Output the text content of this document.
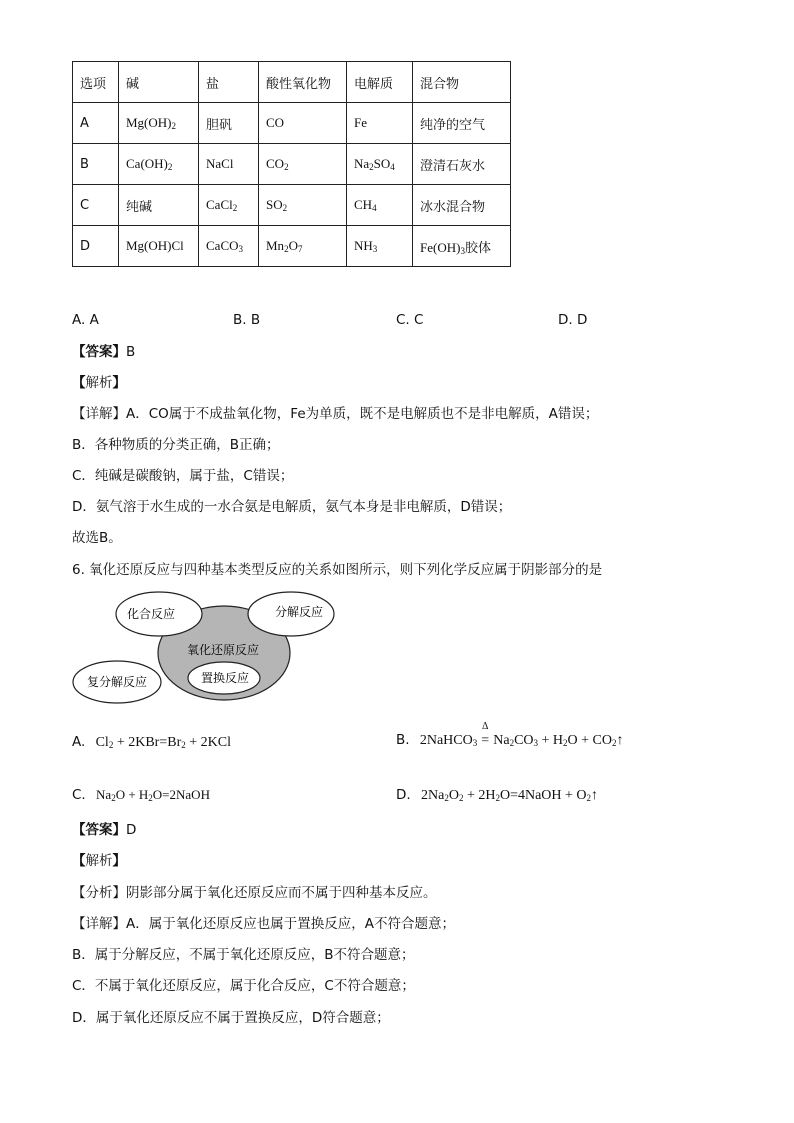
选项	碱	盐	酸性氧化物	电解质	混合物
A	$Mg(OH)_2$	胆矾	CO	Fe	纯净的空气
B	$Ca(OH)_2$	NaCl	$CO_2$	$Na_2SO_4$	澄清石灰水
C	纯碱	CaCl$_2$	$SO_2$	$CH_4$	冰水混合物
D	Mg(OH)Cl	CaCO$_3$	$Mn_2O_7$	$NH_3$	$Fe(OH)_3$胶体
A. A	B. B	C. C	D. D
【答案】B
【解析】
【详解】A．CO属于不成盐氧化物，Fe为单质，既不是电解质也不是非电解质，A错误；
B．各种物质的分类正确，B正确；
C．纯碱是碳酸钠，属于盐，C错误；
D．氨气溶于水生成的一水合氨是电解质，氨气本身是非电解质，D错误；
故选B。
6. 氧化还原反应与四种基本类型反应的关系如图所示，则下列化学反应属于阴影部分的是
化合反应	分解反应
氧化还原反应
置换反应
复分解反应
A. $Cl_2 + 2KBr=Br_2 + 2KCl$	B. 2NaHCO$_3$
Δ
= $Na_2CO_3 + H_2O$ + $CO_2↑$
C. $Na_2O$ + $H_2O=2NaOH$	D. $2Na_2O_2$ + $2H_2O=4NaOH$ + $O_2↑$
【答案】D
【解析】
【分析】阴影部分属于氧化还原反应而不属于四种基本反应。
【详解】A．属于氧化还原反应也属于置换反应，A不符合题意；
B．属于分解反应，不属于氧化还原反应，B不符合题意；
C．不属于氧化还原反应，属于化合反应，C不符合题意；
D．属于氧化还原反应不属于置换反应，D符合题意；
